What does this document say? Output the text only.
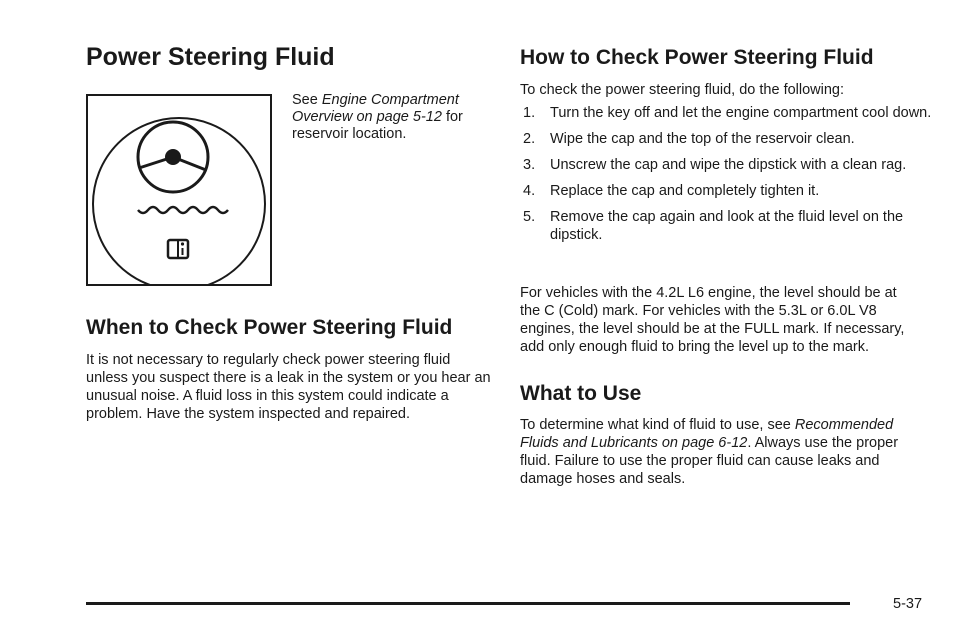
Power Steering Fluid
See Engine Compartment Overview on page 5-12 for reservoir location.
When to Check Power Steering Fluid

It is not necessary to regularly check power steering fluid unless you suspect there is a leak in the system or you hear an unusual noise. A fluid loss in this system could indicate a problem. Have the system inspected and repaired.

How to Check Power Steering Fluid

To check the power steering fluid, do the following:

1. Turn the key off and let the engine compartment cool down.
2. Wipe the cap and the top of the reservoir clean.
3. Unscrew the cap and wipe the dipstick with a clean rag.
4. Replace the cap and completely tighten it.
5. Remove the cap again and look at the fluid level on the dipstick.

For vehicles with the 4.2L L6 engine, the level should be at the C (Cold) mark. For vehicles with the 5.3L or 6.0L V8 engines, the level should be at the FULL mark. If necessary, add only enough fluid to bring the level up to the mark.

What to Use

To determine what kind of fluid to use, see Recommended Fluids and Lubricants on page 6-12. Always use the proper fluid. Failure to use the proper fluid can cause leaks and damage hoses and seals.

5-37
